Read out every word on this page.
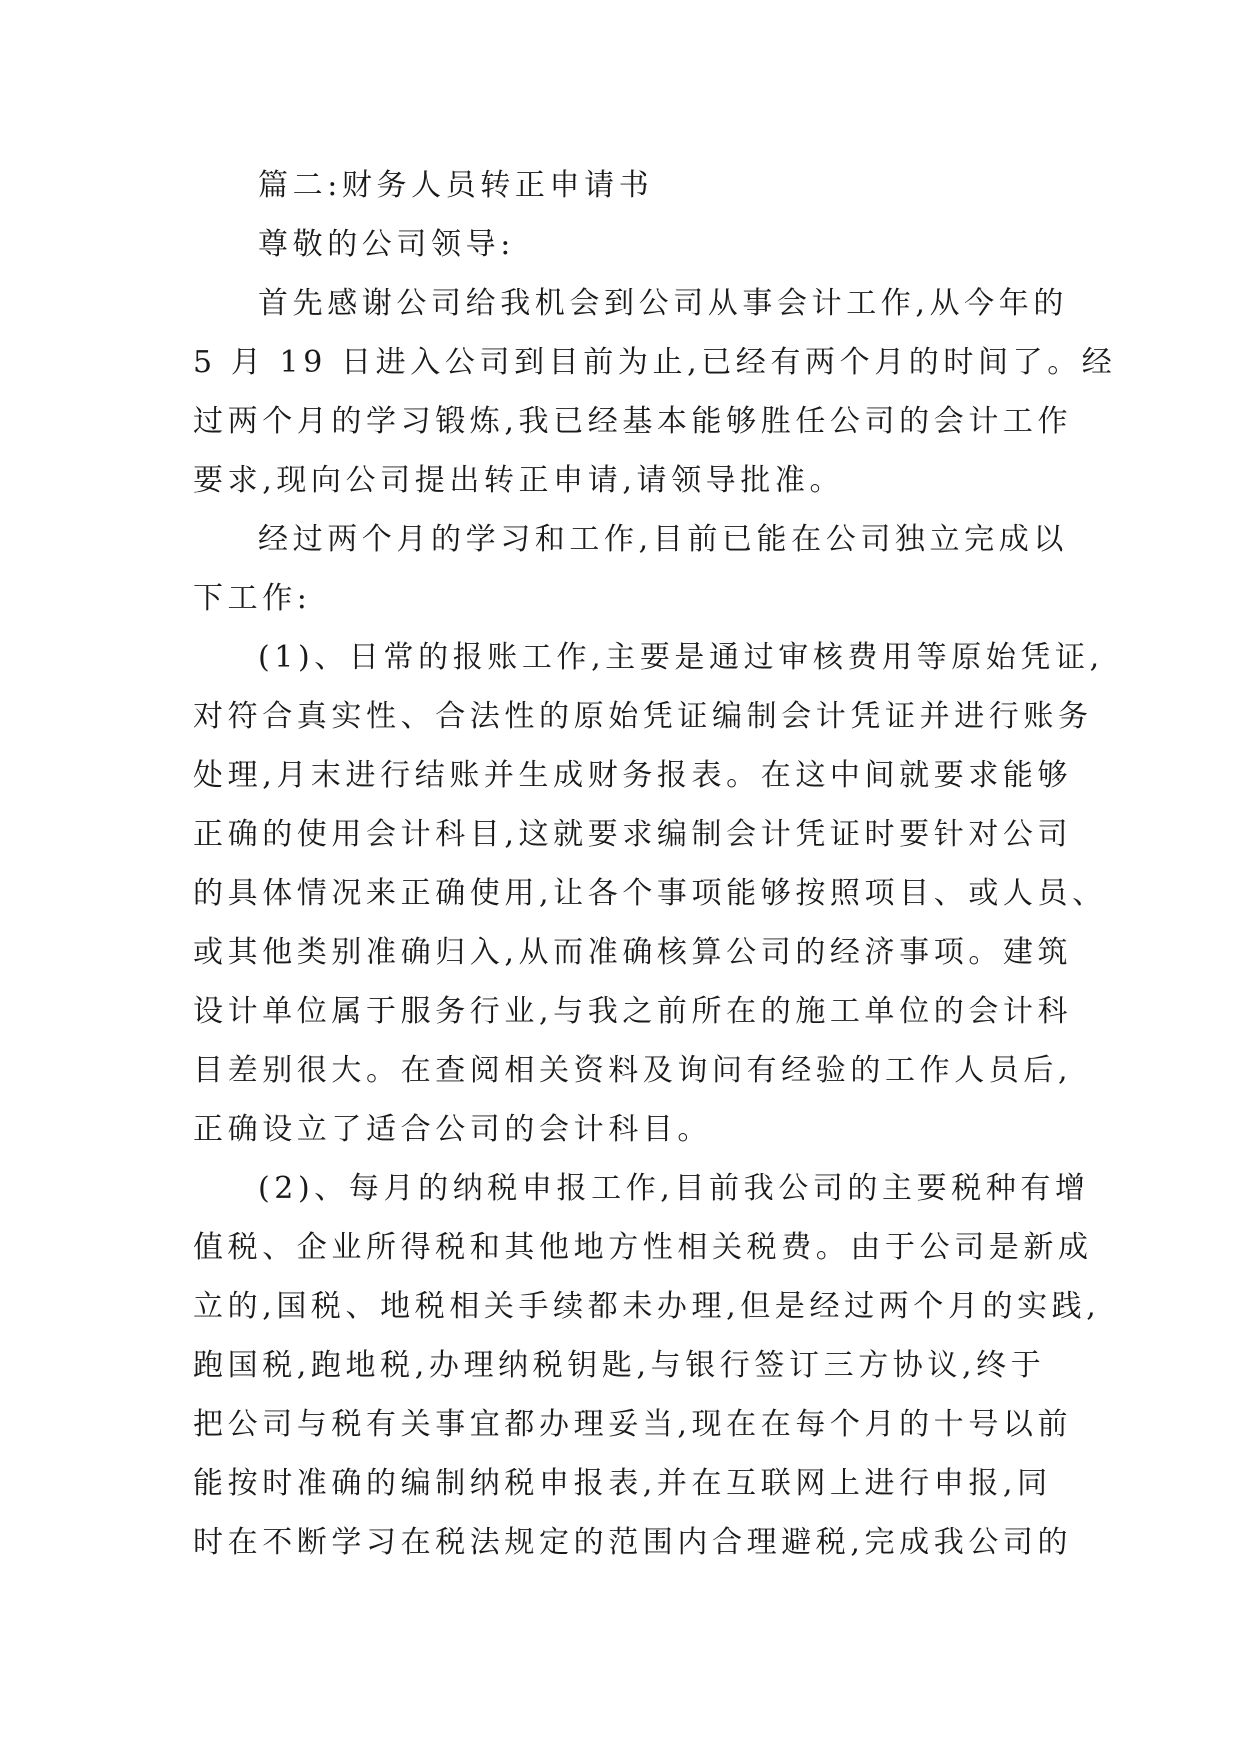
篇二:财务人员转正申请书
尊敬的公司领导:
首先感谢公司给我机会到公司从事会计工作,从今年的
5 月 19 日进入公司到目前为止,已经有两个月的时间了。经
过两个月的学习锻炼,我已经基本能够胜任公司的会计工作
要求,现向公司提出转正申请,请领导批准。
经过两个月的学习和工作,目前已能在公司独立完成以
下工作:
(1)、日常的报账工作,主要是通过审核费用等原始凭证,
对符合真实性、合法性的原始凭证编制会计凭证并进行账务
处理,月末进行结账并生成财务报表。在这中间就要求能够
正确的使用会计科目,这就要求编制会计凭证时要针对公司
的具体情况来正确使用,让各个事项能够按照项目、或人员、
或其他类别准确归入,从而准确核算公司的经济事项。建筑
设计单位属于服务行业,与我之前所在的施工单位的会计科
目差别很大。在查阅相关资料及询问有经验的工作人员后,
正确设立了适合公司的会计科目。
(2)、每月的纳税申报工作,目前我公司的主要税种有增
值税、企业所得税和其他地方性相关税费。由于公司是新成
立的,国税、地税相关手续都未办理,但是经过两个月的实践,
跑国税,跑地税,办理纳税钥匙,与银行签订三方协议,终于
把公司与税有关事宜都办理妥当,现在在每个月的十号以前
能按时准确的编制纳税申报表,并在互联网上进行申报,同
时在不断学习在税法规定的范围内合理避税,完成我公司的
